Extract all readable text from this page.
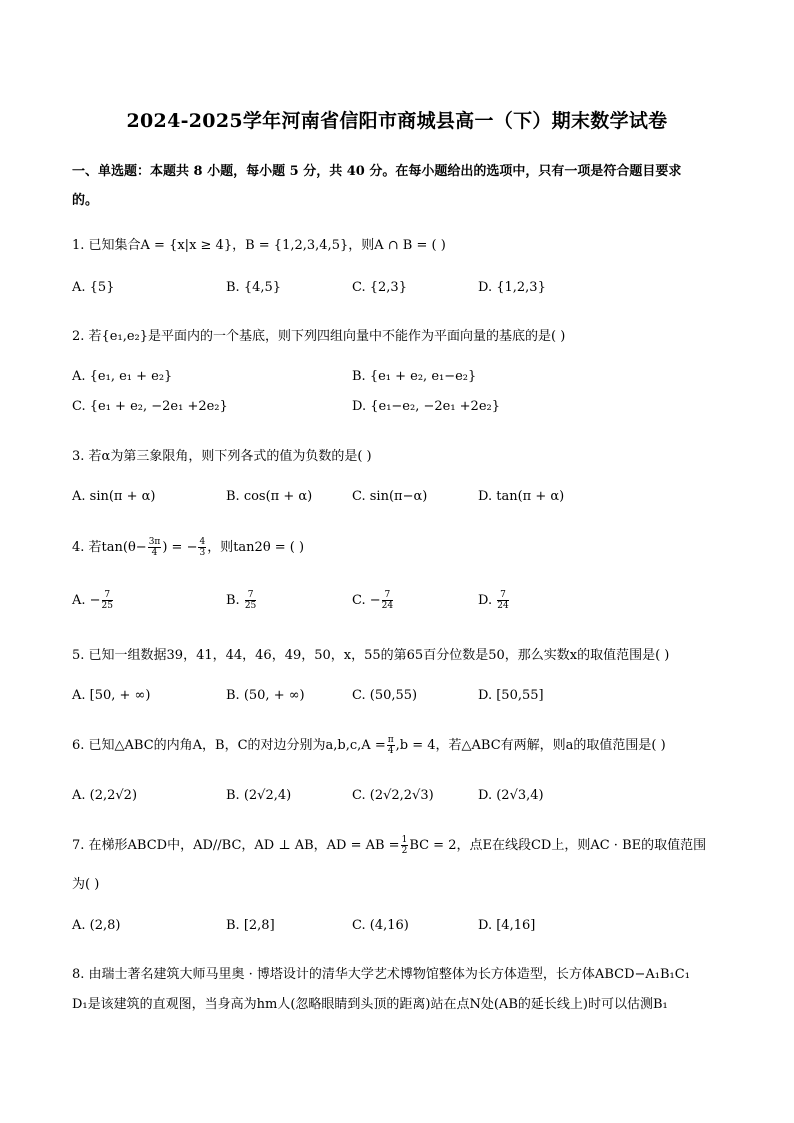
2024-2025学年河南省信阳市商城县高一（下）期末数学试卷
一、单选题：本题共 8 小题，每小题 5 分，共 40 分。在每小题给出的选项中，只有一项是符合题目要求
的。
1. 已知集合A = {x|x ≥ 4}，B = {1,2,3,4,5}，则A ∩ B = ( )
A. {5}	B. {4,5}	C. {2,3}	D. {1,2,3}
2. 若{e₁,e₂}是平面内的一个基底，则下列四组向量中不能作为平面向量的基底的是( )
A. {e₁, e₁ + e₂}	B. {e₁ + e₂, e₁−e₂}
C. {e₁ + e₂, −2e₁ +2e₂}	D. {e₁−e₂, −2e₁ +2e₂}
3. 若α为第三象限角，则下列各式的值为负数的是( )
A. sin(π + α)	B. cos(π + α)	C. sin(π−α)	D. tan(π + α)
4. 若$\tan(\theta- \frac{3\pi}{4}$ ) = − $\frac{4}{3}$ ，则tan2θ = ( )
A. − $\frac{7}{25}$	B. $\frac{7}{25}$	C. − $\frac{7}{24}$	D. $\frac{7}{24}$
5. 已知一组数据39，41，44，46，49，50，x，55的第65百分位数是50，那么实数x的取值范围是( )
A. [50, + ∞)	B. (50, + ∞)	C. (50,55)	D. [50,55]
6. 已知△ABC的内角A，B，C的对边分别为$a,b,c,A = \frac{\pi}{4} ,b = 4$，若△ABC有两解，则a的取值范围是( )
A. (2,2√2)	B. (2√2,4)	C. (2√2,2√3)	D. (2√3,4)
7. 在梯形ABCD中，AD//BC，AD ⊥ AB，AD = AB = $\frac{1}{2}$ BC = 2，点E在线段CD上，则AC · BE的取值范围
为( )
A. (2,8)	B. [2,8]	C. (4,16)	D. [4,16]
8. 由瑞士著名建筑大师马里奥 · 博塔设计的清华大学艺术博物馆整体为长方体造型，长方体ABCD−A₁B₁C₁
D₁是该建筑的直观图，当身高为hm人(忽略眼睛到头顶的距离)站在点N处(AB的延长线上)时可以估测B₁
